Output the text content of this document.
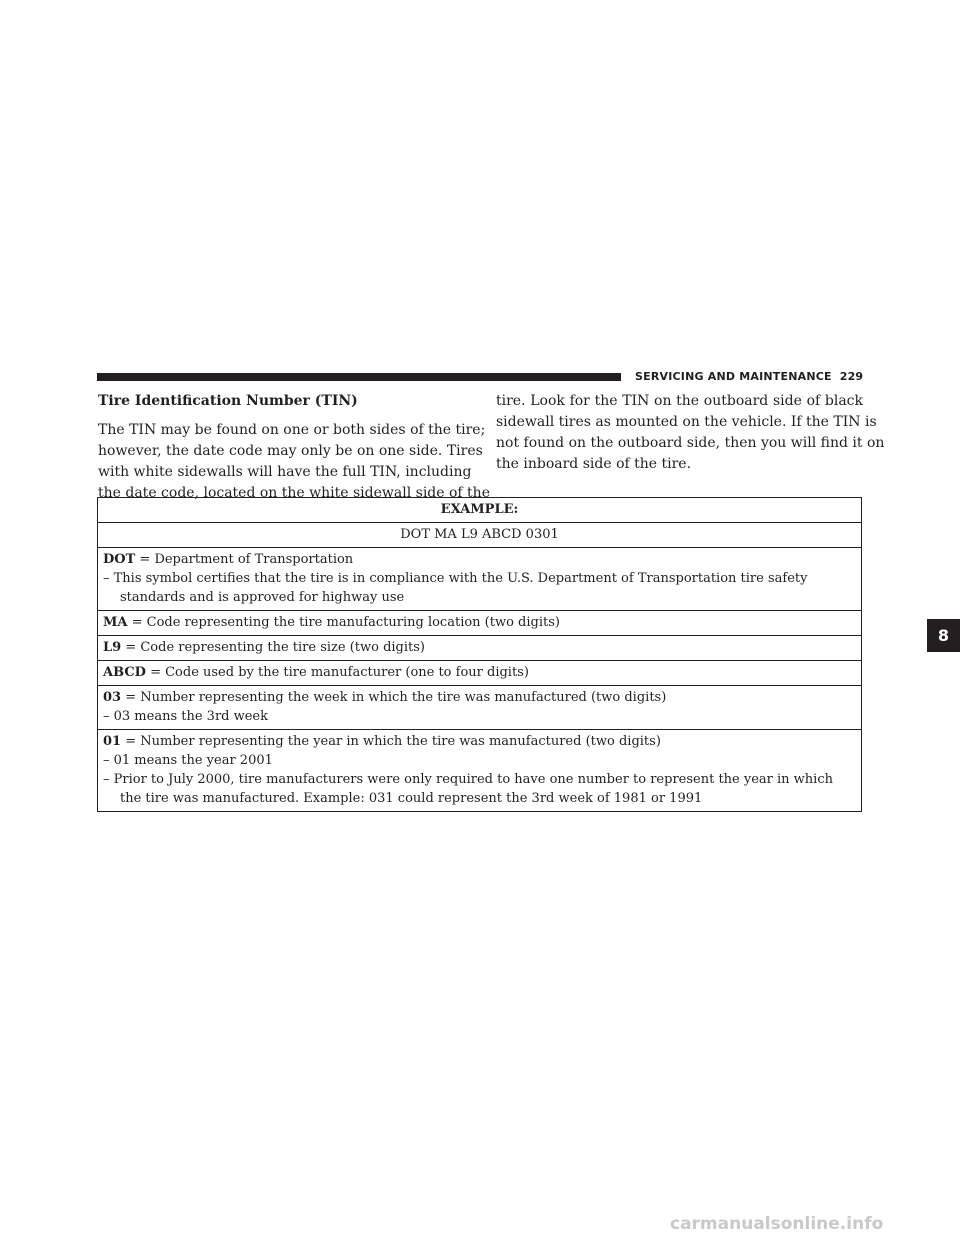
SERVICING AND MAINTENANCE 229
Tire Identification Number (TIN)
The TIN may be found on one or both sides of the tire;
however, the date code may only be on one side. Tires
with white sidewalls will have the full TIN, including
the date code, located on the white sidewall side of the
tire. Look for the TIN on the outboard side of black
sidewall tires as mounted on the vehicle. If the TIN is
not found on the outboard side, then you will find it on
the inboard side of the tire.
EXAMPLE:
DOT MA L9 ABCD 0301
DOT = Department of Transportation
– This symbol certifies that the tire is in compliance with the U.S. Department of Transportation tire safety standards and is approved for highway use

MA = Code representing the tire manufacturing location (two digits)
L9 = Code representing the tire size (two digits)
ABCD = Code used by the tire manufacturer (one to four digits)
03 = Number representing the week in which the tire was manufactured (two digits)
– 03 means the 3rd week

01 = Number representing the year in which the tire was manufactured (two digits)
– 01 means the year 2001
– Prior to July 2000, tire manufacturers were only required to have one number to represent the year in which the tire was manufactured. Example: 031 could represent the 3rd week of 1981 or 1991
8
carmanualsonline.info
